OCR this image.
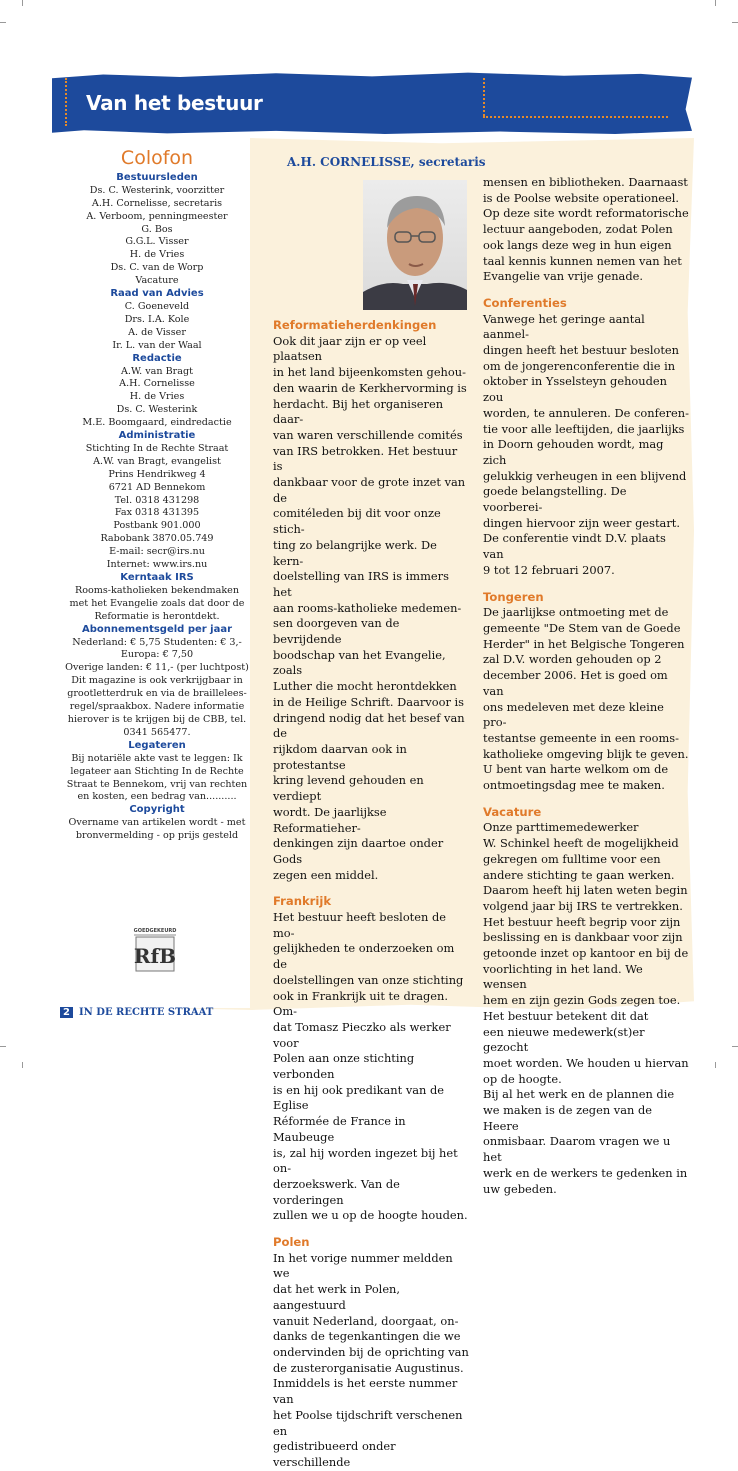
Van het bestuur
Colofon
Bestuursleden
Ds. C. Westerink, voorzitter
A.H. Cornelisse, secretaris
A. Verboom, penningmeester
G. Bos
G.G.L. Visser
H. de Vries
Ds. C. van de Worp
Vacature
Raad van Advies
C. Goeneveld
Drs. I.A. Kole
A. de Visser
Ir. L. van der Waal
Redactie
A.W. van Bragt
A.H. Cornelisse
H. de Vries
Ds. C. Westerink
M.E. Boomgaard, eindredactie
Administratie
Stichting In de Rechte Straat
A.W. van Bragt, evangelist
Prins Hendrikweg 4
6721 AD Bennekom
Tel. 0318 431298
Fax 0318 431395
Postbank 901.000
Rabobank 3870.05.749
E-mail: secr@irs.nu
Internet: www.irs.nu
Kerntaak IRS
Rooms-katholieken bekendmaken
met het Evangelie zoals dat door de
Reformatie is herontdekt.
Abonnementsgeld per jaar
Nederland: € 5,75 Studenten: € 3,-
Europa: € 7,50
Overige landen: € 11,- (per luchtpost)
Dit magazine is ook verkrijgbaar in
grootletterdruk en via de braillelees-
regel/spraakbox. Nadere informatie
hierover is te krijgen bij de CBB, tel.
0341 565477.
Legateren
Bij notariële akte vast te leggen: Ik
legateer aan Stichting In de Rechte
Straat te Bennekom, vrij van rechten
en kosten, een bedrag van..........
Copyright
Overname van artikelen wordt - met
bronvermelding - op prijs gesteld
GOEDGEKEURD
RfB

A.H. CORNELISSE, secretaris

Reformatieherdenkingen

Ook dit jaar zijn er op veel plaatsen

in het land bijeenkomsten gehou-

den waarin de Kerkhervorming is

herdacht. Bij het organiseren daar-

van waren verschillende comités

van IRS betrokken. Het bestuur is

dankbaar voor de grote inzet van de

comitéleden bij dit voor onze stich-

ting zo belangrijke werk. De kern-

doelstelling van IRS is immers het

aan rooms-katholieke medemen-

sen doorgeven van de bevrijdende

boodschap van het Evangelie, zoals

Luther die mocht herontdekken

in de Heilige Schrift. Daarvoor is

dringend nodig dat het besef van de

rijkdom daarvan ook in protestantse

kring levend gehouden en verdiept

wordt. De jaarlijkse Reformatieher-

denkingen zijn daartoe onder Gods

zegen een middel.

Frankrijk

Het bestuur heeft besloten de mo-

gelijkheden te onderzoeken om de

doelstellingen van onze stichting

ook in Frankrijk uit te dragen. Om-

dat Tomasz Pieczko als werker voor

Polen aan onze stichting verbonden

is en hij ook predikant van de Eglise

Réformée de France in Maubeuge

is, zal hij worden ingezet bij het on-

derzoekswerk. Van de vorderingen

zullen we u op de hoogte houden.

Polen

In het vorige nummer meldden we

dat het werk in Polen, aangestuurd

vanuit Nederland, doorgaat, on-

danks de tegenkantingen die we

ondervinden bij de oprichting van

de zusterorganisatie Augustinus.

Inmiddels is het eerste nummer van

het Poolse tijdschrift verschenen en

gedistribueerd onder verschillende

mensen en bibliotheken. Daarnaast

is de Poolse website operationeel.

Op deze site wordt reformatorische

lectuur aangeboden, zodat Polen

ook langs deze weg in hun eigen

taal kennis kunnen nemen van het

Evangelie van vrije genade.

Conferenties

Vanwege het geringe aantal aanmel-

dingen heeft het bestuur besloten

om de jongerenconferentie die in

oktober in Ysselsteyn gehouden zou

worden, te annuleren. De conferen-

tie voor alle leeftijden, die jaarlijks

in Doorn gehouden wordt, mag zich

gelukkig verheugen in een blijvend

goede belangstelling. De voorberei-

dingen hiervoor zijn weer gestart.

De conferentie vindt D.V. plaats van

9 tot 12 februari 2007.

Tongeren

De jaarlijkse ontmoeting met de

gemeente "De Stem van de Goede

Herder" in het Belgische Tongeren

zal D.V. worden gehouden op 2

december 2006. Het is goed om van

ons medeleven met deze kleine pro-

testantse gemeente in een rooms-

katholieke omgeving blijk te geven.

U bent van harte welkom om de

ontmoetingsdag mee te maken.

Vacature

Onze parttimemedewerker

W. Schinkel heeft de mogelijkheid

gekregen om fulltime voor een

andere stichting te gaan werken.

Daarom heeft hij laten weten begin

volgend jaar bij IRS te vertrekken.

Het bestuur heeft begrip voor zijn

beslissing en is dankbaar voor zijn

getoonde inzet op kantoor en bij de

voorlichting in het land. We wensen

hem en zijn gezin Gods zegen toe.

Het bestuur betekent dit dat

een nieuwe medewerk(st)er gezocht

moet worden. We houden u hiervan

op de hoogte.

Bij al het werk en de plannen die

we maken is de zegen van de Heere

onmisbaar. Daarom vragen we u het

werk en de werkers te gedenken in

uw gebeden.

2 IN DE RECHTE STRAAT
